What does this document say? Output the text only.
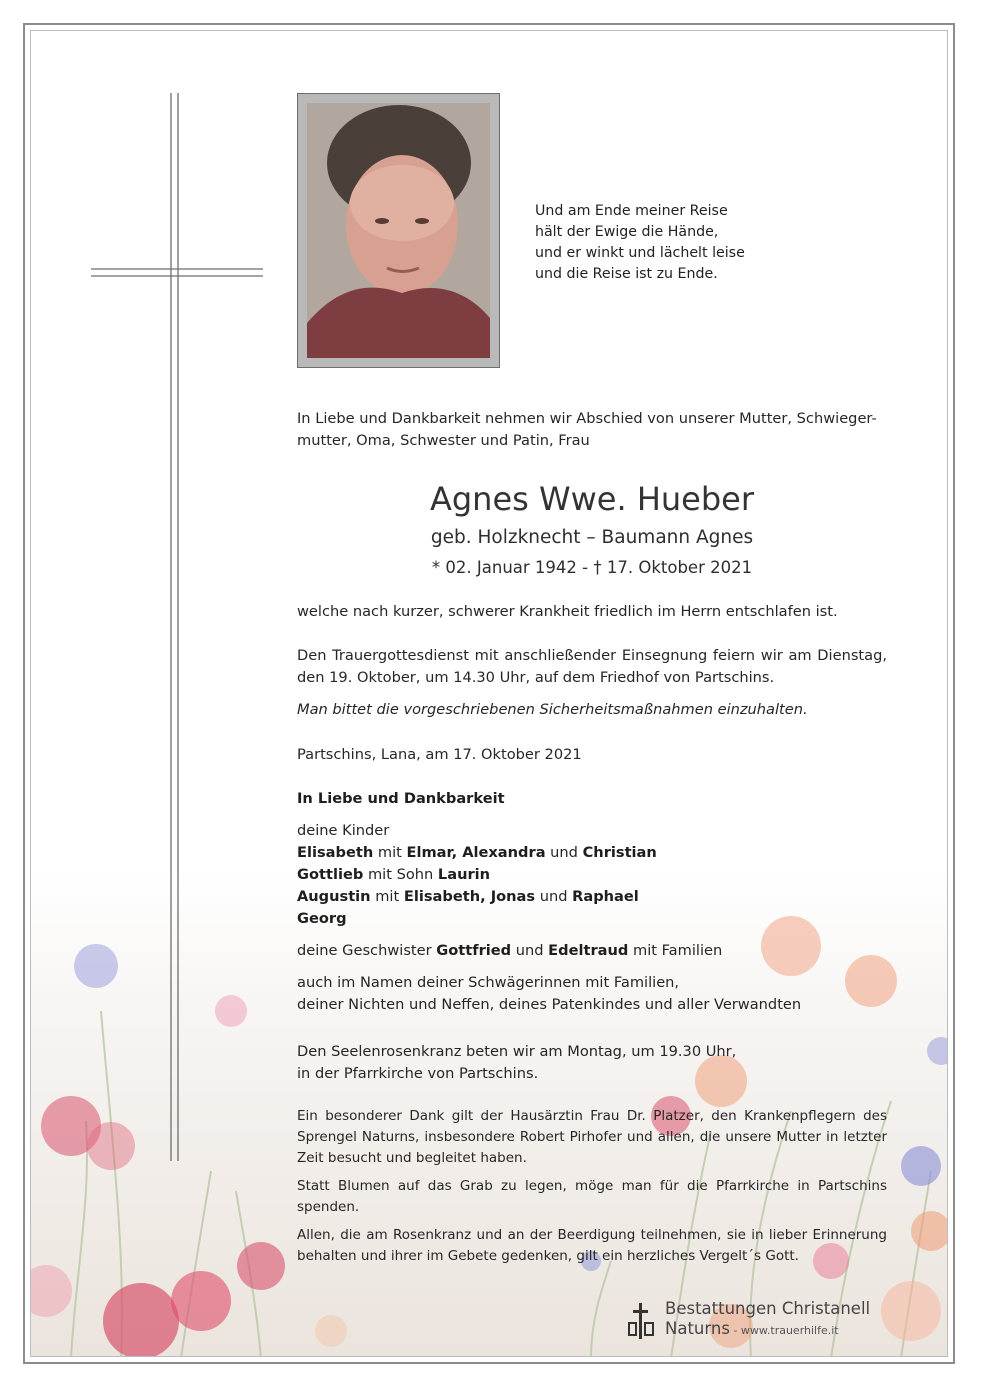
Und am Ende meiner Reise
hält der Ewige die Hände,
und er winkt und lächelt leise
und die Reise ist zu Ende.
In Liebe und Dankbarkeit nehmen wir Abschied von unserer Mutter, Schwieger-
mutter, Oma, Schwester und Patin, Frau
Agnes Wwe. Hueber
geb. Holzknecht – Baumann Agnes
* 02. Januar 1942 - † 17. Oktober 2021
welche nach kurzer, schwerer Krankheit friedlich im Herrn entschlafen ist.
Den Trauergottesdienst mit anschließender Einsegnung feiern wir am Dienstag, den 19. Oktober, um 14.30 Uhr, auf dem Friedhof von Partschins.
Man bittet die vorgeschriebenen Sicherheitsmaßnahmen einzuhalten.
Partschins, Lana, am 17. Oktober 2021
In Liebe und Dankbarkeit
deine Kinder
Elisabeth mit Elmar, Alexandra und Christian
Gottlieb mit Sohn Laurin
Augustin mit Elisabeth, Jonas und Raphael
Georg
deine Geschwister Gottfried und Edeltraud mit Familien
auch im Namen deiner Schwägerinnen mit Familien,
deiner Nichten und Neffen, deines Patenkindes und aller Verwandten
Den Seelenrosenkranz beten wir am Montag, um 19.30 Uhr,
in der Pfarrkirche von Partschins.
Ein besonderer Dank gilt der Hausärztin Frau Dr. Platzer, den Krankenpflegern des Sprengel Naturns, insbesondere Robert Pirhofer und allen, die unsere Mutter in letzter Zeit besucht und begleitet haben.
Statt Blumen auf das Grab zu legen, möge man für die Pfarrkirche in Partschins spenden.
Allen, die am Rosenkranz und an der Beerdigung teilnehmen, sie in lieber Erinnerung behalten und ihrer im Gebete gedenken, gilt ein herzliches Vergelt´s Gott.
Bestattungen Christanell
Naturns - www.trauerhilfe.it
